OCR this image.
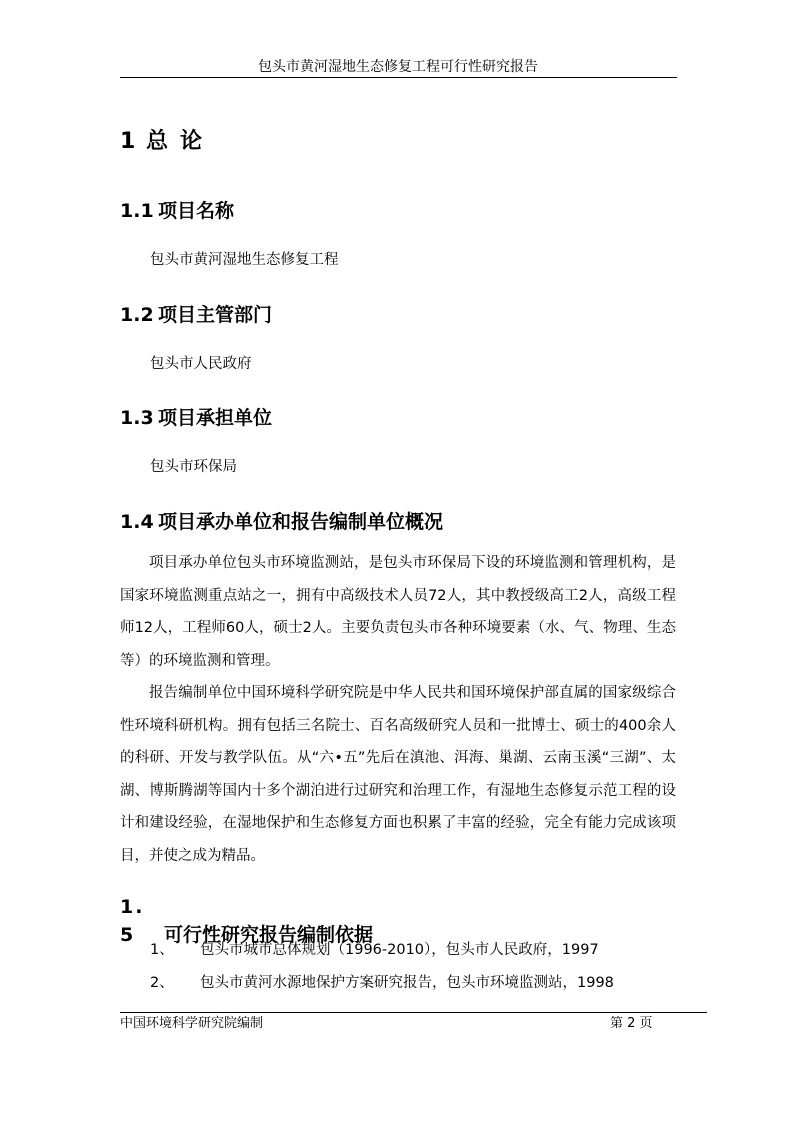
包头市黄河湿地生态修复工程可行性研究报告
1 总论
1.1 项目名称
包头市黄河湿地生态修复工程
1.2 项目主管部门
包头市人民政府
1.3 项目承担单位
包头市环保局
1.4 项目承办单位和报告编制单位概况

项目承办单位包头市环境监测站，是包头市环保局下设的环境监测和管理机构，是国家环境监测重点站之一，拥有中高级技术人员72人，其中教授级高工2人，高级工程师12人，工程师60人，硕士2人。主要负责包头市各种环境要素（水、气、物理、生态等）的环境监测和管理。

报告编制单位中国环境科学研究院是中华人民共和国环境保护部直属的国家级综合性环境科研机构。拥有包括三名院士、百名高级研究人员和一批博士、硕士的400余人的科研、开发与教学队伍。从“六•五”先后在滇池、洱海、巢湖、云南玉溪“三湖”、太湖、博斯腾湖等国内十多个湖泊进行过研究和治理工作，有湿地生态修复示范工程的设计和建设经验，在湿地保护和生态修复方面也积累了丰富的经验，完全有能力完成该项目，并使之成为精品。

1. 5 可行性研究报告编制依据
1、 包头市城市总体规划（1996-2010），包头市人民政府，1997
2、 包头市黄河水源地保护方案研究报告，包头市环境监测站，1998
中国环境科学研究院编制	第 2 页
